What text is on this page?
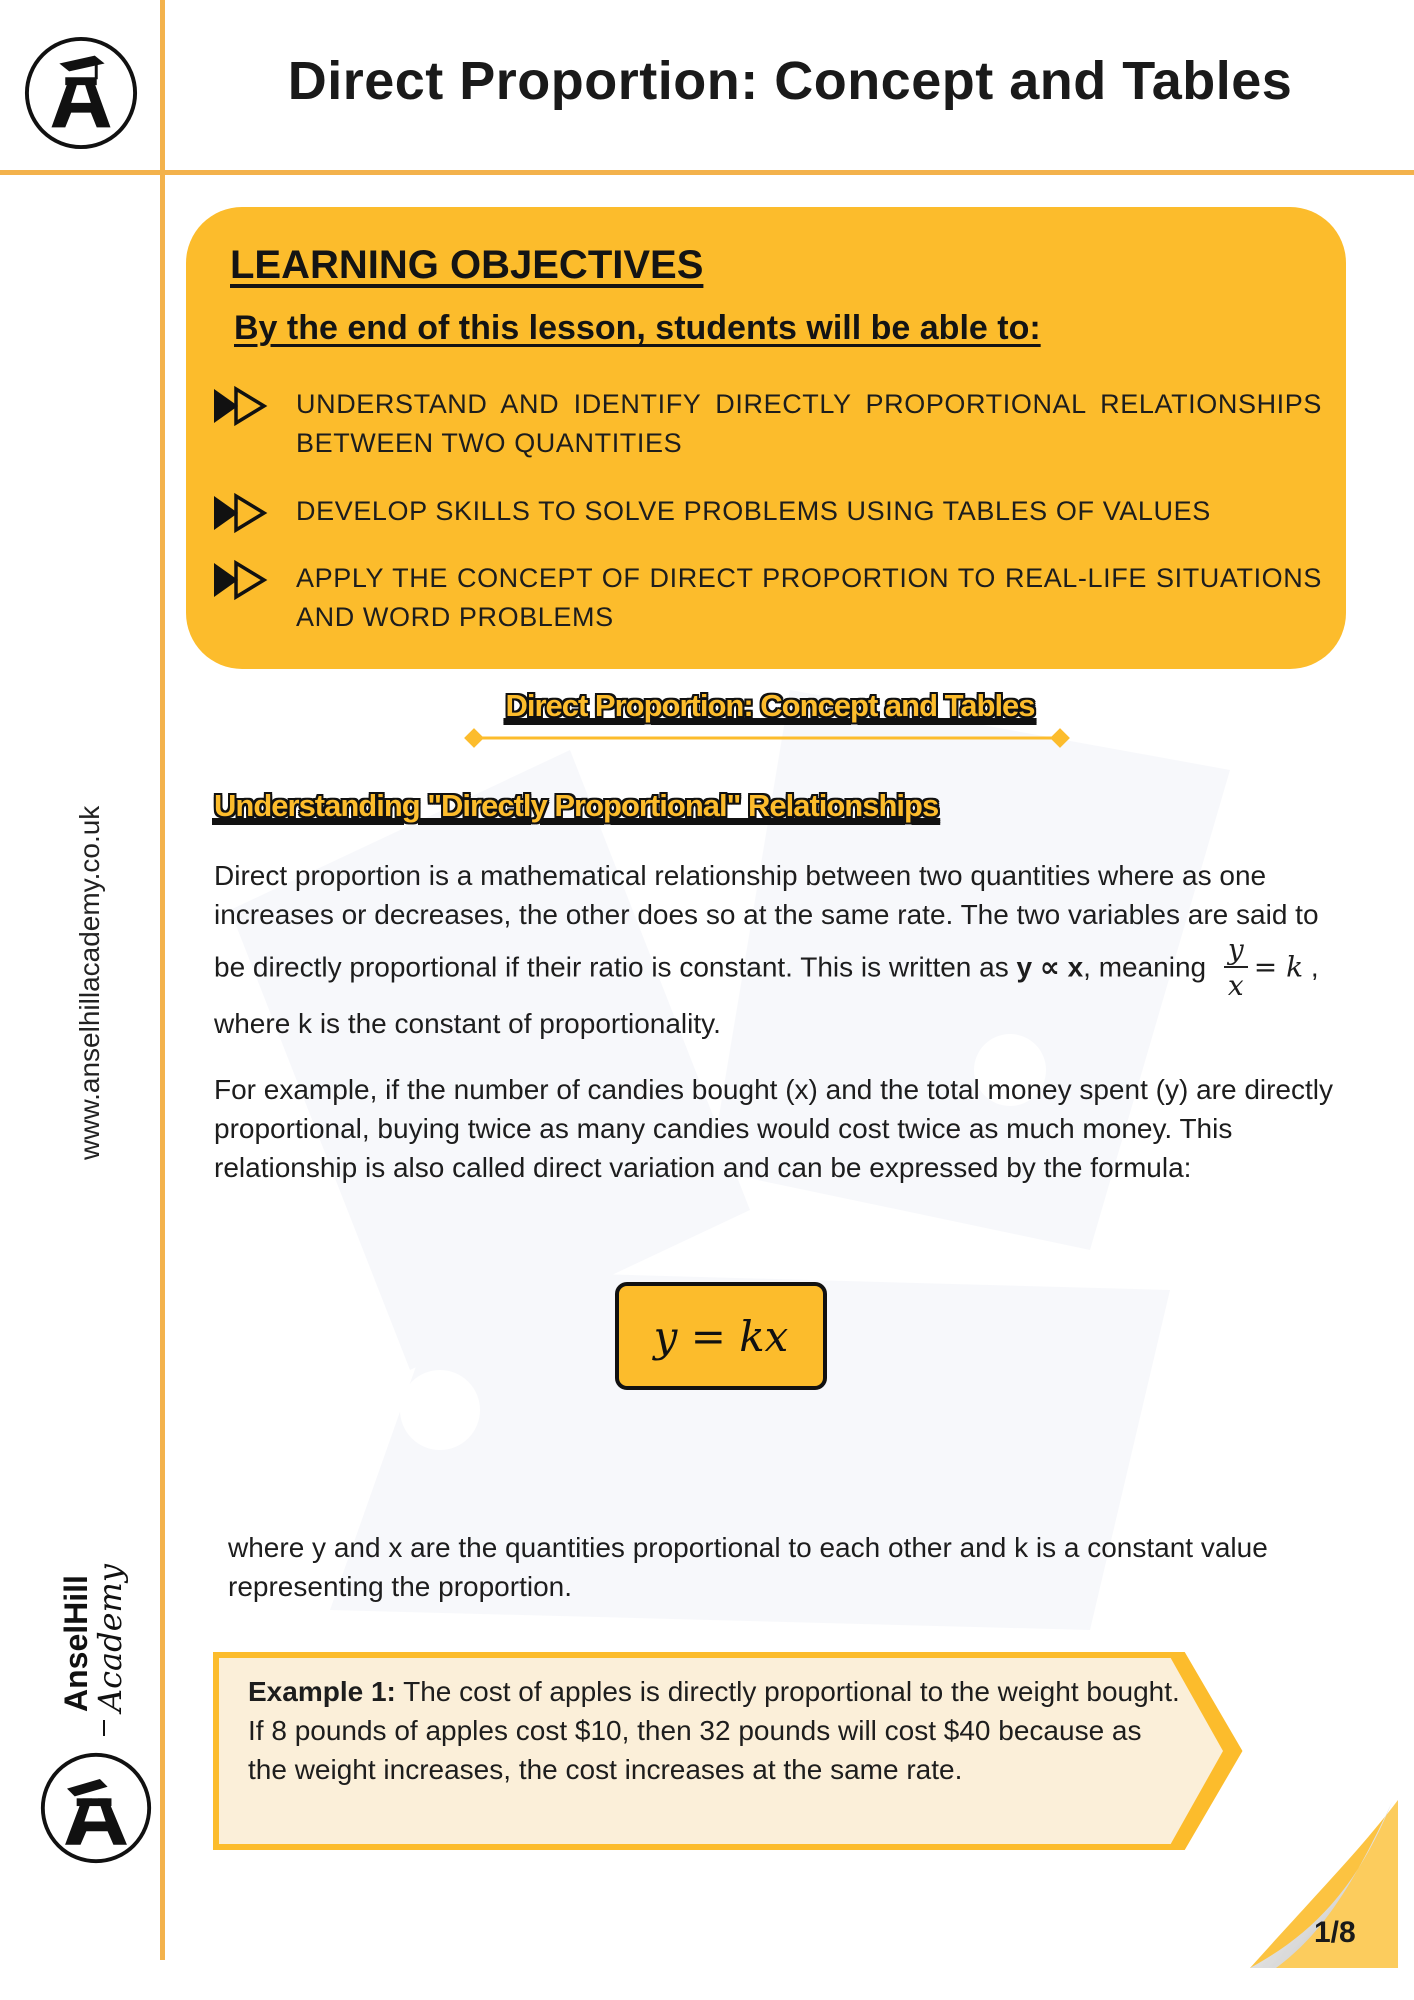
Direct Proportion: Concept and Tables
www.anselhillacademy.co.uk
AnselHill
Academy
LEARNING OBJECTIVES
By the end of this lesson, students will be able to:

UNDERSTAND AND IDENTIFY DIRECTLY PROPORTIONAL RELATIONSHIPS BETWEEN TWO QUANTITIES

DEVELOP SKILLS TO SOLVE PROBLEMS USING TABLES OF VALUES

APPLY THE CONCEPT OF DIRECT PROPORTION TO REAL-LIFE SITUATIONS AND WORD PROBLEMS

Direct Proportion: Concept and Tables
Understanding "Directly Proportional" Relationships

Direct proportion is a mathematical relationship between two quantities where as one increases or decreases, the other does so at the same rate. The two variables are said to be directly proportional if their ratio is constant. This is written as y ∝ x, meaning $\frac{y}{x} = k$ , where k is the constant of proportionality.

For example, if the number of candies bought (x) and the total money spent (y) are directly proportional, buying twice as many candies would cost twice as much money. This relationship is also called direct variation and can be expressed by the formula:

y = kx

where y and x are the quantities proportional to each other and k is a constant value representing the proportion.

Example 1: The cost of apples is directly proportional to the weight bought. If 8 pounds of apples cost $10, then 32 pounds will cost $40 because as the weight increases, the cost increases at the same rate.

1/8
